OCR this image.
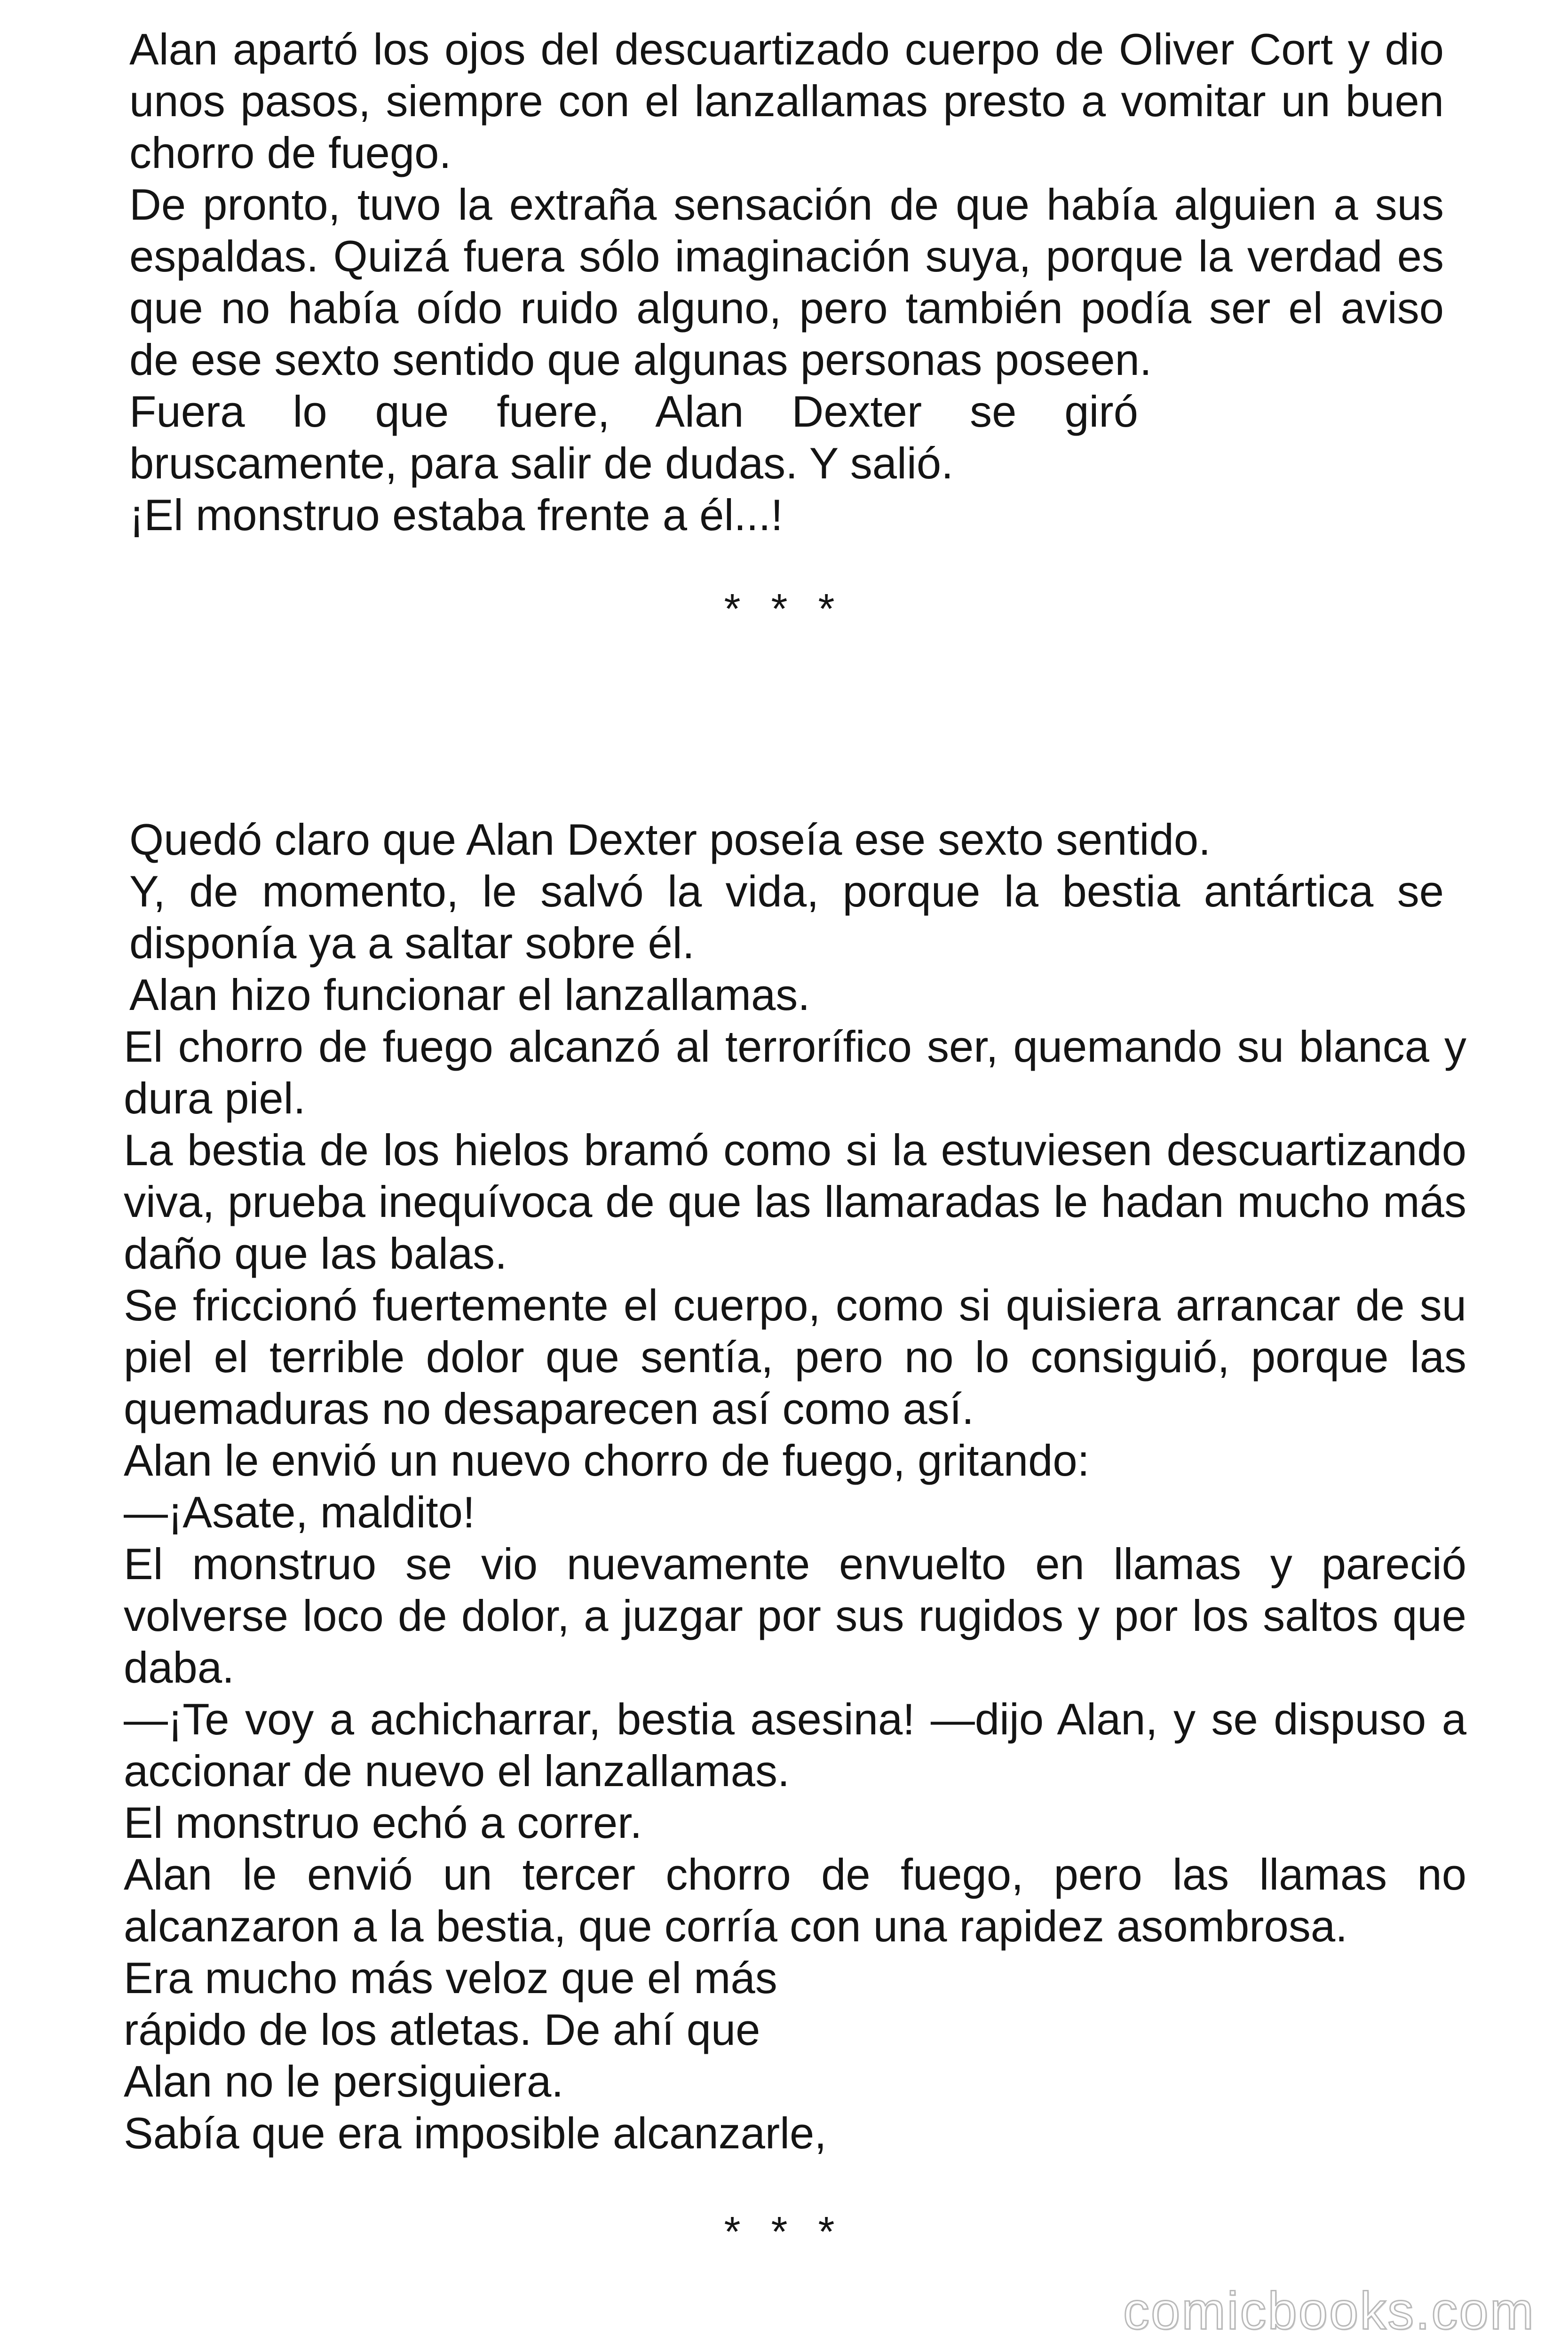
Alan apartó los ojos del descuartizado cuerpo de Oliver Cort y dio unos pasos, siempre con el lanzallamas presto a vomitar un buen chorro de fuego.

De pronto, tuvo la extraña sensación de que había alguien a sus espaldas. Quizá fuera sólo imaginación suya, porque la verdad es que no había oído ruido alguno, pero también podía ser el aviso de ese sexto sentido que algunas personas poseen.

Fuera lo que fuere, Alan Dexter se giró

bruscamente, para salir de dudas. Y salió.

¡El monstruo estaba frente a él...!

* * *

Quedó claro que Alan Dexter poseía ese sexto sentido.

Y, de momento, le salvó la vida, porque la bestia antártica se disponía ya a saltar sobre él.

Alan hizo funcionar el lanzallamas.

El chorro de fuego alcanzó al terrorífico ser, quemando su blanca y dura piel.

La bestia de los hielos bramó como si la estuviesen descuartizando viva, prueba inequívoca de que las llamaradas le hadan mucho más daño que las balas.

Se friccionó fuertemente el cuerpo, como si quisiera arrancar de su piel el terrible dolor que sentía, pero no lo consiguió, porque las quemaduras no desaparecen así como así.

Alan le envió un nuevo chorro de fuego, gritando:

—¡Asate, maldito!

El monstruo se vio nuevamente envuelto en llamas y pareció volverse loco de dolor, a juzgar por sus rugidos y por los saltos que daba.

—¡Te voy a achicharrar, bestia asesina! —dijo Alan, y se dispuso a accionar de nuevo el lanzallamas.

El monstruo echó a correr.

Alan le envió un tercer chorro de fuego, pero las llamas no alcanzaron a la bestia, que corría con una rapidez asombrosa.

Era mucho más veloz que el más

rápido de los atletas. De ahí que

Alan no le persiguiera.

Sabía que era imposible alcanzarle,

* * *
comicbooks.com
